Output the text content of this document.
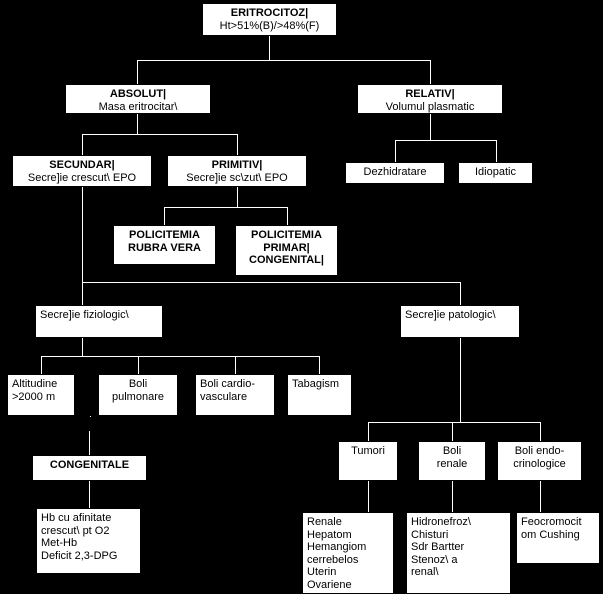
ERITROCITOZ|
Ht>51%(B)/>48%(F)
ABSOLUT|
Masa eritrocitar\
RELATIV|
Volumul plasmatic
SECUNDAR|
Secre]ie crescut\ EPO
PRIMITIV|
Secre]ie sc\zut\ EPO	Dezhidratare	Idiopatic
POLICITEMIA
RUBRA VERA
POLICITEMIA
PRIMAR|
CONGENITAL|
Secre]ie fiziologic\	Secre]ie patologic\
Altitudine
>2000 m
Boli
pulmonare
Boli cardio-
vasculare
Tabagism
Tumori	Boli
renale
Boli endo-
crinologice
CONGENITALE
Hb cu afinitate
crescut\ pt O2
Met-Hb
Deficit 2,3-DPG
Renale
Hepatom
Hemangiom
cerrebelos
Uterin
Ovariene
Hidronefroz\
Chisturi
Sdr Bartter
Stenoz\ a
renal\
Feocromocit
om Cushing
